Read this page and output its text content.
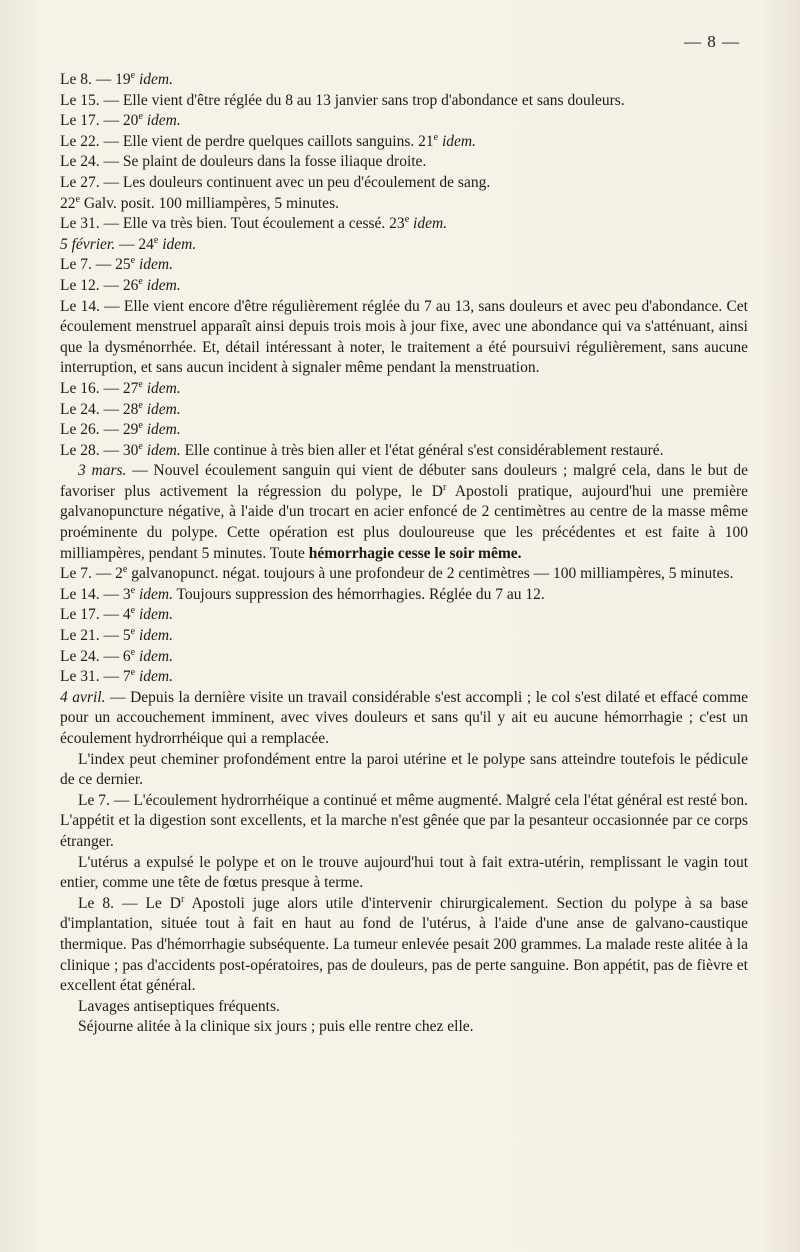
— 8 —

Le 8. — 19e idem.

Le 15. — Elle vient d'être réglée du 8 au 13 janvier sans trop d'abondance et sans douleurs.

Le 17. — 20e idem.

Le 22. — Elle vient de perdre quelques caillots sanguins. 21e idem.

Le 24. — Se plaint de douleurs dans la fosse iliaque droite.

Le 27. — Les douleurs continuent avec un peu d'écoulement de sang.

22e Galv. posit. 100 milliampères, 5 minutes.

Le 31. — Elle va très bien. Tout écoulement a cessé. 23e idem.

5 février. — 24e idem.

Le 7. — 25e idem.

Le 12. — 26e idem.

Le 14. — Elle vient encore d'être régulièrement réglée du 7 au 13, sans douleurs et avec peu d'abondance. Cet écoulement menstruel apparaît ainsi depuis trois mois à jour fixe, avec une abondance qui va s'atténuant, ainsi que la dysménorrhée. Et, détail intéressant à noter, le traitement a été poursuivi régulièrement, sans aucune interruption, et sans aucun incident à signaler même pendant la menstruation.

Le 16. — 27e idem.

Le 24. — 28e idem.

Le 26. — 29e idem.

Le 28. — 30e idem. Elle continue à très bien aller et l'état général s'est considérablement restauré.

3 mars. — Nouvel écoulement sanguin qui vient de débuter sans douleurs ; malgré cela, dans le but de favoriser plus activement la régression du polype, le $D^r$ Apostoli pratique, aujourd'hui une première galvanopuncture négative, à l'aide d'un trocart en acier enfoncé de 2 centimètres au centre de la masse même proéminente du polype. Cette opération est plus douloureuse que les précédentes et est faite à 100 milliampères, pendant 5 minutes. Toute hémorrhagie cesse le soir même.

Le 7. — 2e galvanopunct. négat. toujours à une profondeur de 2 centimètres — 100 milliampères, 5 minutes.

Le 14. — 3e idem. Toujours suppression des hémorrhagies. Réglée du 7 au 12.

Le 17. — 4e idem.

Le 21. — 5e idem.

Le 24. — 6e idem.

Le 31. — 7e idem.

4 avril. — Depuis la dernière visite un travail considérable s'est accompli ; le col s'est dilaté et effacé comme pour un accouchement imminent, avec vives douleurs et sans qu'il y ait eu aucune hémorrhagie ; c'est un écoulement hydrorrhéique qui a remplacée.

L'index peut cheminer profondément entre la paroi utérine et le polype sans atteindre toutefois le pédicule de ce dernier.

Le 7. — L'écoulement hydrorrhéique a continué et même augmenté. Malgré cela l'état général est resté bon. L'appétit et la digestion sont excellents, et la marche n'est gênée que par la pesanteur occasionnée par ce corps étranger.

L'utérus a expulsé le polype et on le trouve aujourd'hui tout à fait extra-utérin, remplissant le vagin tout entier, comme une tête de fœtus presque à terme.

Le 8. — Le $D^r$ Apostoli juge alors utile d'intervenir chirurgicalement. Section du polype à sa base d'implantation, située tout à fait en haut au fond de l'utérus, à l'aide d'une anse de galvano-caustique thermique. Pas d'hémorrhagie subséquente. La tumeur enlevée pesait 200 grammes. La malade reste alitée à la clinique ; pas d'accidents post-opératoires, pas de douleurs, pas de perte sanguine. Bon appétit, pas de fièvre et excellent état général.

Lavages antiseptiques fréquents.

Séjourne alitée à la clinique six jours ; puis elle rentre chez elle.
